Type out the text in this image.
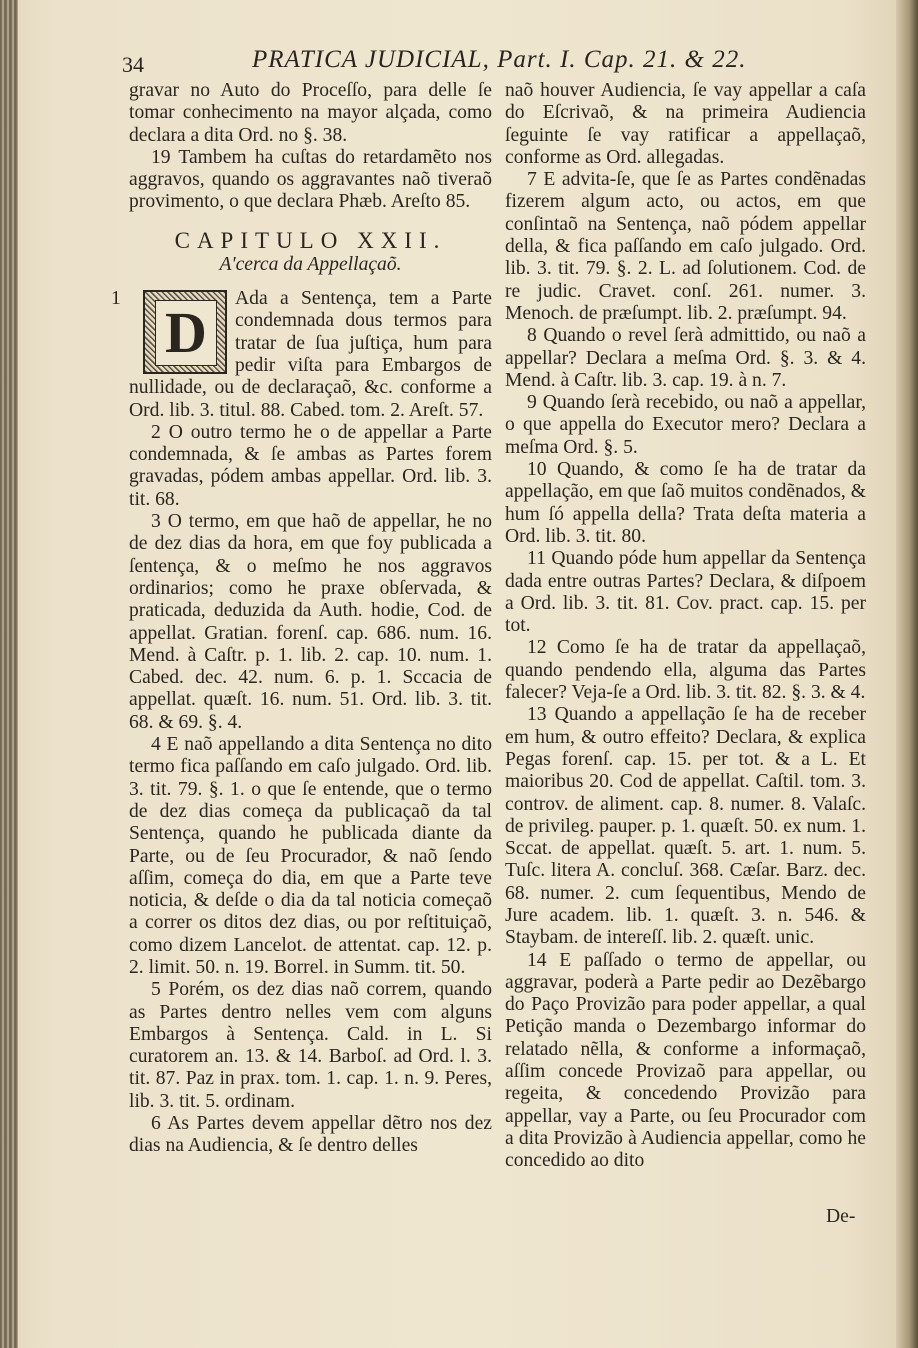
34	PRATICA JUDICIAL, Part. I. Cap. 21. & 22.

gravar no Auto do Proceſſo, para delle ſe tomar conhecimento na mayor alçada, como declara a dita Ord. no §. 38.

19 Tambem ha cuſtas do retardamẽto nos aggravos, quando os aggravantes naõ tiveraõ provimento, o que declara Phæb. Areſto 85.

CAPITULO XXII.

A'cerca da Appellaçaõ.

1
D

Ada a Sentença, tem a Parte condemnada dous termos para tratar de ſua juſtiça, hum para pedir viſta para Embargos de nullidade, ou de declaraçaõ, &c. conforme a Ord. lib. 3. titul. 88. Cabed. tom. 2. Areſt. 57.

2 O outro termo he o de appellar a Parte condemnada, & ſe ambas as Partes forem gravadas, pódem ambas appellar. Ord. lib. 3. tit. 68.

3 O termo, em que haõ de appellar, he no de dez dias da hora, em que foy publicada a ſentença, & o meſmo he nos aggravos ordinarios; como he praxe obſervada, & praticada, deduzida da Auth. hodie, Cod. de appellat. Gratian. forenſ. cap. 686. num. 16. Mend. à Caſtr. p. 1. lib. 2. cap. 10. num. 1. Cabed. dec. 42. num. 6. p. 1. Sccacia de appellat. quæſt. 16. num. 51. Ord. lib. 3. tit. 68. & 69. §. 4.

4 E naõ appellando a dita Sentença no dito termo fica paſſando em caſo julgado. Ord. lib. 3. tit. 79. §. 1. o que ſe entende, que o termo de dez dias começa da publicaçaõ da tal Sentença, quando he publicada diante da Parte, ou de ſeu Procurador, & naõ ſendo aſſim, começa do dia, em que a Parte teve noticia, & deſde o dia da tal noticia começaõ a correr os ditos dez dias, ou por reſtituiçaõ, como dizem Lancelot. de attentat. cap. 12. p. 2. limit. 50. n. 19. Borrel. in Summ. tit. 50.

5 Porém, os dez dias naõ correm, quando as Partes dentro nelles vem com alguns Embargos à Sentença. Cald. in L. Si curatorem an. 13. & 14. Barboſ. ad Ord. l. 3. tit. 87. Paz in prax. tom. 1. cap. 1. n. 9. Peres, lib. 3. tit. 5. ordinam.

6 As Partes devem appellar dẽtro nos dez dias na Audiencia, & ſe dentro delles

naõ houver Audiencia, ſe vay appellar a caſa do Eſcrivaõ, & na primeira Audiencia ſeguinte ſe vay ratificar a appellaçaõ, conforme as Ord. allegadas.

7 E advita-ſe, que ſe as Partes condẽnadas fizerem algum acto, ou actos, em que conſintaõ na Sentença, naõ pódem appellar della, & fica paſſando em caſo julgado. Ord. lib. 3. tit. 79. §. 2. L. ad ſolutionem. Cod. de re judic. Cravet. conſ. 261. numer. 3. Menoch. de præſumpt. lib. 2. præſumpt. 94.

8 Quando o revel ſerà admittido, ou naõ a appellar? Declara a meſma Ord. §. 3. & 4. Mend. à Caſtr. lib. 3. cap. 19. à n. 7.

9 Quando ſerà recebido, ou naõ a appellar, o que appella do Executor mero? Declara a meſma Ord. §. 5.

10 Quando, & como ſe ha de tratar da appellação, em que ſaõ muitos condẽnados, & hum ſó appella della? Trata deſta materia a Ord. lib. 3. tit. 80.

11 Quando póde hum appellar da Sentença dada entre outras Partes? Declara, & diſpoem a Ord. lib. 3. tit. 81. Cov. pract. cap. 15. per tot.

12 Como ſe ha de tratar da appellaçaõ, quando pendendo ella, alguma das Partes falecer? Veja-ſe a Ord. lib. 3. tit. 82. §. 3. & 4.

13 Quando a appellação ſe ha de receber em hum, & outro effeito? Declara, & explica Pegas forenſ. cap. 15. per tot. & a L. Et maioribus 20. Cod de appellat. Caſtil. tom. 3. controv. de aliment. cap. 8. numer. 8. Valaſc. de privileg. pauper. p. 1. quæſt. 50. ex num. 1. Sccat. de appellat. quæſt. 5. art. 1. num. 5. Tuſc. litera A. concluſ. 368. Cæſar. Barz. dec. 68. numer. 2. cum ſequentibus, Mendo de Jure academ. lib. 1. quæſt. 3. n. 546. & Staybam. de intereſſ. lib. 2. quæſt. unic.

14 E paſſado o termo de appellar, ou aggravar, poderà a Parte pedir ao Dezẽbargo do Paço Provizão para poder appellar, a qual Petição manda o Dezembargo informar do relatado nẽlla, & conforme a informaçaõ, aſſim concede Provizaõ para appellar, ou regeita, & concedendo Provizão para appellar, vay a Parte, ou ſeu Procurador com a dita Provizão à Audiencia appellar, como he concedido ao dito

De-
